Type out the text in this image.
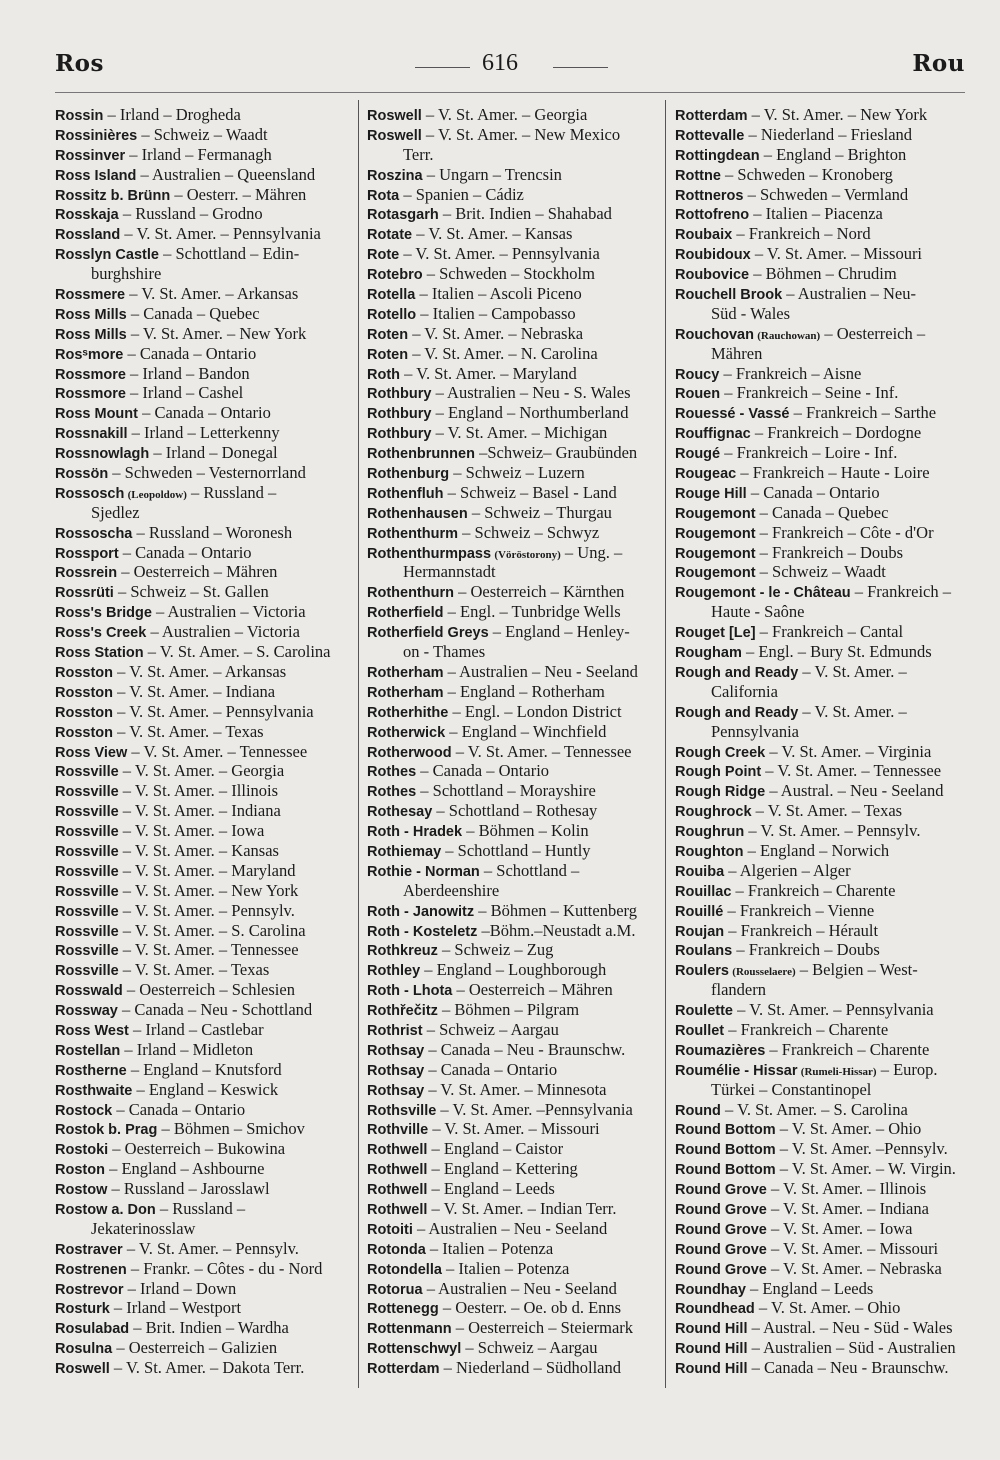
Ros	616	Rou
Rossin – Irland – Drogheda
Rossinières – Schweiz – Waadt
Rossinver – Irland – Fermanagh
Ross Island – Australien – Queensland
Rossitz b. Brünn – Oesterr. – Mähren
Rosskaja – Russland – Grodno
Rossland – V. St. Amer. – Pennsylvania
Rosslyn Castle – Schottland – Edin-
burghshire
Rossmere – V. St. Amer. – Arkansas
Ross Mills – Canada – Quebec
Ross Mills – V. St. Amer. – New York
Rosˢmore – Canada – Ontario
Rossmore – Irland – Bandon
Rossmore – Irland – Cashel
Ross Mount – Canada – Ontario
Rossnakill – Irland – Letterkenny
Rossnowlagh – Irland – Donegal
Rossön – Schweden – Vesternorrland
Rossosch (Leopoldow) – Russland –
Sjedlez
Rossoscha – Russland – Woronesh
Rossport – Canada – Ontario
Rossrein – Oesterreich – Mähren
Rossrüti – Schweiz – St. Gallen
Ross's Bridge – Australien – Victoria
Ross's Creek – Australien – Victoria
Ross Station – V. St. Amer. – S. Carolina
Rosston – V. St. Amer. – Arkansas
Rosston – V. St. Amer. – Indiana
Rosston – V. St. Amer. – Pennsylvania
Rosston – V. St. Amer. – Texas
Ross View – V. St. Amer. – Tennessee
Rossville – V. St. Amer. – Georgia
Rossville – V. St. Amer. – Illinois
Rossville – V. St. Amer. – Indiana
Rossville – V. St. Amer. – Iowa
Rossville – V. St. Amer. – Kansas
Rossville – V. St. Amer. – Maryland
Rossville – V. St. Amer. – New York
Rossville – V. St. Amer. – Pennsylv.
Rossville – V. St. Amer. – S. Carolina
Rossville – V. St. Amer. – Tennessee
Rossville – V. St. Amer. – Texas
Rosswald – Oesterreich – Schlesien
Rossway – Canada – Neu - Schottland
Ross West – Irland – Castlebar
Rostellan – Irland – Midleton
Rostherne – England – Knutsford
Rosthwaite – England – Keswick
Rostock – Canada – Ontario
Rostok b. Prag – Böhmen – Smichov
Rostoki – Oesterreich – Bukowina
Roston – England – Ashbourne
Rostow – Russland – Jarosslawl
Rostow a. Don – Russland –
Jekaterinosslaw
Rostraver – V. St. Amer. – Pennsylv.
Rostrenen – Frankr. – Côtes - du - Nord
Rostrevor – Irland – Down
Rosturk – Irland – Westport
Rosulabad – Brit. Indien – Wardha
Rosulna – Oesterreich – Galizien
Roswell – V. St. Amer. – Dakota Terr.
Roswell – V. St. Amer. – Georgia
Roswell – V. St. Amer. – New Mexico
Terr.
Roszina – Ungarn – Trencsin
Rota – Spanien – Cádiz
Rotasgarh – Brit. Indien – Shahabad
Rotate – V. St. Amer. – Kansas
Rote – V. St. Amer. – Pennsylvania
Rotebro – Schweden – Stockholm
Rotella – Italien – Ascoli Piceno
Rotello – Italien – Campobasso
Roten – V. St. Amer. – Nebraska
Roten – V. St. Amer. – N. Carolina
Roth – V. St. Amer. – Maryland
Rothbury – Australien – Neu - S. Wales
Rothbury – England – Northumberland
Rothbury – V. St. Amer. – Michigan
Rothenbrunnen –Schweiz– Graubünden
Rothenburg – Schweiz – Luzern
Rothenfluh – Schweiz – Basel - Land
Rothenhausen – Schweiz – Thurgau
Rothenthurm – Schweiz – Schwyz
Rothenthurmpass (Vöröstorony) – Ung. –
Hermannstadt
Rothenthurn – Oesterreich – Kärnthen
Rotherfield – Engl. – Tunbridge Wells
Rotherfield Greys – England – Henley-
on - Thames
Rotherham – Australien – Neu - Seeland
Rotherham – England – Rotherham
Rotherhithe – Engl. – London District
Rotherwick – England – Winchfield
Rotherwood – V. St. Amer. – Tennessee
Rothes – Canada – Ontario
Rothes – Schottland – Morayshire
Rothesay – Schottland – Rothesay
Roth - Hradek – Böhmen – Kolin
Rothiemay – Schottland – Huntly
Rothie - Norman – Schottland –
Aberdeenshire
Roth - Janowitz – Böhmen – Kuttenberg
Roth - Kosteletz –Böhm.–Neustadt a.M.
Rothkreuz – Schweiz – Zug
Rothley – England – Loughborough
Roth - Lhota – Oesterreich – Mähren
Rothřečitz – Böhmen – Pilgram
Rothrist – Schweiz – Aargau
Rothsay – Canada – Neu - Braunschw.
Rothsay – Canada – Ontario
Rothsay – V. St. Amer. – Minnesota
Rothsville – V. St. Amer. –Pennsylvania
Rothville – V. St. Amer. – Missouri
Rothwell – England – Caistor
Rothwell – England – Kettering
Rothwell – England – Leeds
Rothwell – V. St. Amer. – Indian Terr.
Rotoiti – Australien – Neu - Seeland
Rotonda – Italien – Potenza
Rotondella – Italien – Potenza
Rotorua – Australien – Neu - Seeland
Rottenegg – Oesterr. – Oe. ob d. Enns
Rottenmann – Oesterreich – Steiermark
Rottenschwyl – Schweiz – Aargau
Rotterdam – Niederland – Südholland
Rotterdam – V. St. Amer. – New York
Rottevalle – Niederland – Friesland
Rottingdean – England – Brighton
Rottne – Schweden – Kronoberg
Rottneros – Schweden – Vermland
Rottofreno – Italien – Piacenza
Roubaix – Frankreich – Nord
Roubidoux – V. St. Amer. – Missouri
Roubovice – Böhmen – Chrudim
Rouchell Brook – Australien – Neu-
Süd - Wales
Rouchovan (Rauchowan) – Oesterreich –
Mähren
Roucy – Frankreich – Aisne
Rouen – Frankreich – Seine - Inf.
Rouessé - Vassé – Frankreich – Sarthe
Rouffignac – Frankreich – Dordogne
Rougé – Frankreich – Loire - Inf.
Rougeac – Frankreich – Haute - Loire
Rouge Hill – Canada – Ontario
Rougemont – Canada – Quebec
Rougemont – Frankreich – Côte - d'Or
Rougemont – Frankreich – Doubs
Rougemont – Schweiz – Waadt
Rougemont - le - Château – Frankreich –
Haute - Saône
Rouget [Le] – Frankreich – Cantal
Rougham – Engl. – Bury St. Edmunds
Rough and Ready – V. St. Amer. –
California
Rough and Ready – V. St. Amer. –
Pennsylvania
Rough Creek – V. St. Amer. – Virginia
Rough Point – V. St. Amer. – Tennessee
Rough Ridge – Austral. – Neu - Seeland
Roughrock – V. St. Amer. – Texas
Roughrun – V. St. Amer. – Pennsylv.
Roughton – England – Norwich
Rouiba – Algerien – Alger
Rouillac – Frankreich – Charente
Rouillé – Frankreich – Vienne
Roujan – Frankreich – Hérault
Roulans – Frankreich – Doubs
Roulers (Rousselaere) – Belgien – West-
flandern
Roulette – V. St. Amer. – Pennsylvania
Roullet – Frankreich – Charente
Roumazières – Frankreich – Charente
Roumélie - Hissar (Rumeli-Hissar) – Europ.
Türkei – Constantinopel
Round – V. St. Amer. – S. Carolina
Round Bottom – V. St. Amer. – Ohio
Round Bottom – V. St. Amer. –Pennsylv.
Round Bottom – V. St. Amer. – W. Virgin.
Round Grove – V. St. Amer. – Illinois
Round Grove – V. St. Amer. – Indiana
Round Grove – V. St. Amer. – Iowa
Round Grove – V. St. Amer. – Missouri
Round Grove – V. St. Amer. – Nebraska
Roundhay – England – Leeds
Roundhead – V. St. Amer. – Ohio
Round Hill – Austral. – Neu - Süd - Wales
Round Hill – Australien – Süd - Australien
Round Hill – Canada – Neu - Braunschw.
